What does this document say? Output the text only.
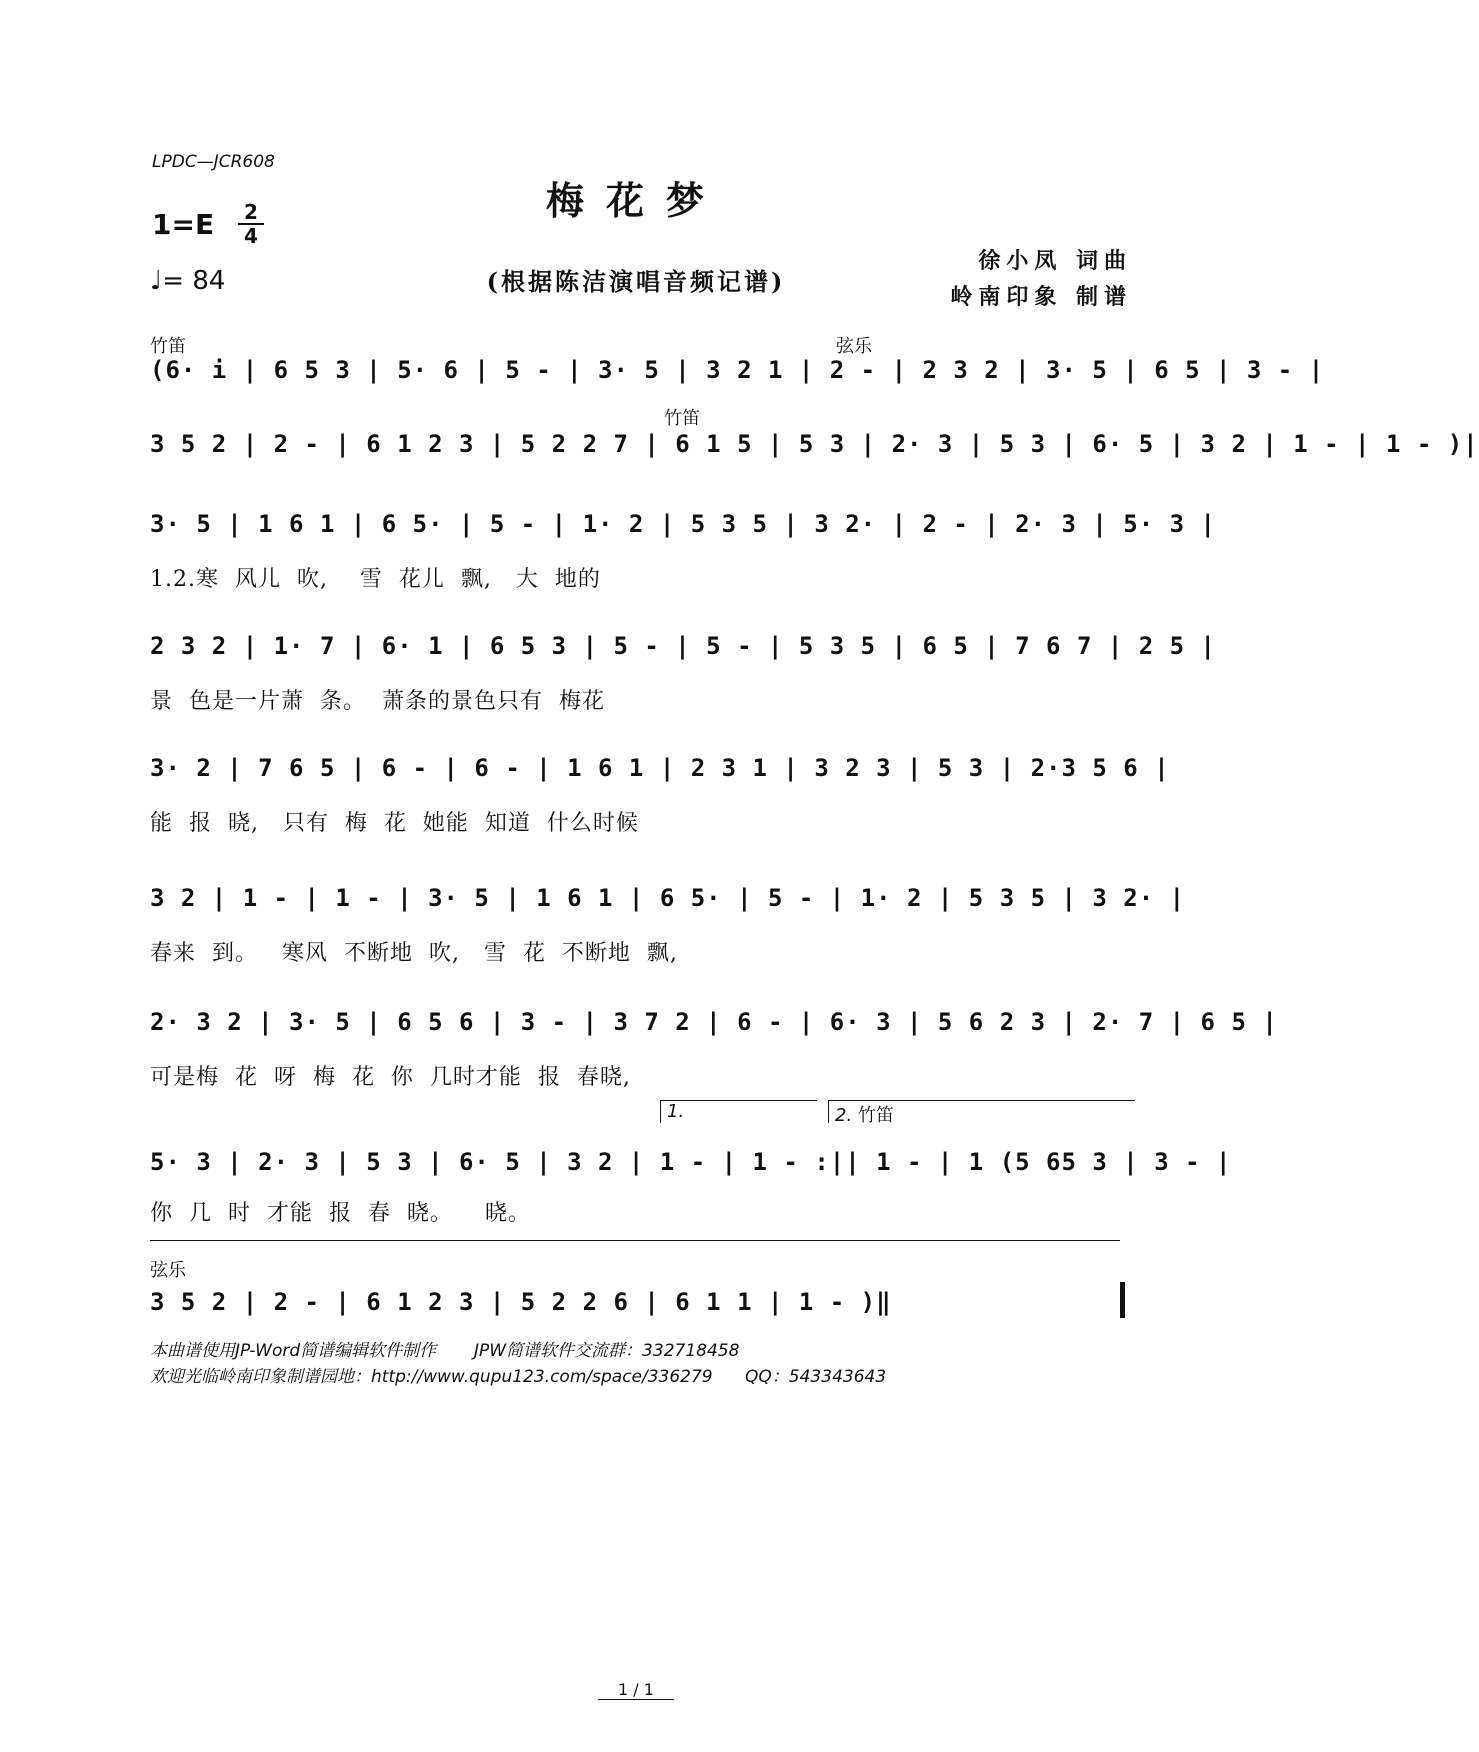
LPDC—JCR608
梅花梦
1=E	2
4
♩= 84	(根据陈洁演唱音频记谱)
徐小凤 词曲
岭南印象 制谱
竹笛	弦乐
(6· i | 6 5 3 | 5· 6 | 5 - | 3· 5 | 3 2 1 | 2 - | 2 3 2 | 3· 5 | 6 5 | 3 - |
竹笛
3 5 2 | 2 - | 6 1 2 3 | 5 2 2 7 | 6 1 5 | 5 3 | 2· 3 | 5 3 | 6· 5 | 3 2 | 1 - | 1 - )|
3· 5 | 1 6 1 | 6 5· | 5 - | 1· 2 | 5 3 5 | 3 2· | 2 - | 2· 3 | 5· 3 |
1.2.寒  风儿  吹,    雪  花儿  飘,   大  地的
2 3 2 | 1· 7 | 6· 1 | 6 5 3 | 5 - | 5 - | 5 3 5 | 6 5 | 7 6 7 | 2 5 |
景  色是一片萧  条。  萧条的景色只有  梅花
3· 2 | 7 6 5 | 6 - | 6 - | 1 6 1 | 2 3 1 | 3 2 3 | 5 3 | 2·3 5 6 |
能  报  晓,   只有  梅  花  她能  知道  什么时候
3 2 | 1 - | 1 - | 3· 5 | 1 6 1 | 6 5· | 5 - | 1· 2 | 5 3 5 | 3 2· |
春来  到。   寒风  不断地  吹,   雪  花  不断地  飘,
2· 3 2 | 3· 5 | 6 5 6 | 3 - | 3 7 2 | 6 - | 6· 3 | 5 6 2 3 | 2· 7 | 6 5 |
可是梅  花  呀  梅  花  你  几时才能  报  春晓,
1.	2. 竹笛
5· 3 | 2· 3 | 5 3 | 6· 5 | 3 2 | 1 - | 1 - :|| 1 - | 1 (5 65 3 | 3 - |
你  几  时  才能  报  春  晓。    晓。
弦乐
3 5 2 | 2 - | 6 1 2 3 | 5 2 2 6 | 6 1 1 | 1 - )‖
本曲谱使用JP-Word简谱编辑软件制作       JPW简谱软件交流群：332718458
欢迎光临岭南印象制谱园地：http://www.qupu123.com/space/336279      QQ：543343643
1 / 1
